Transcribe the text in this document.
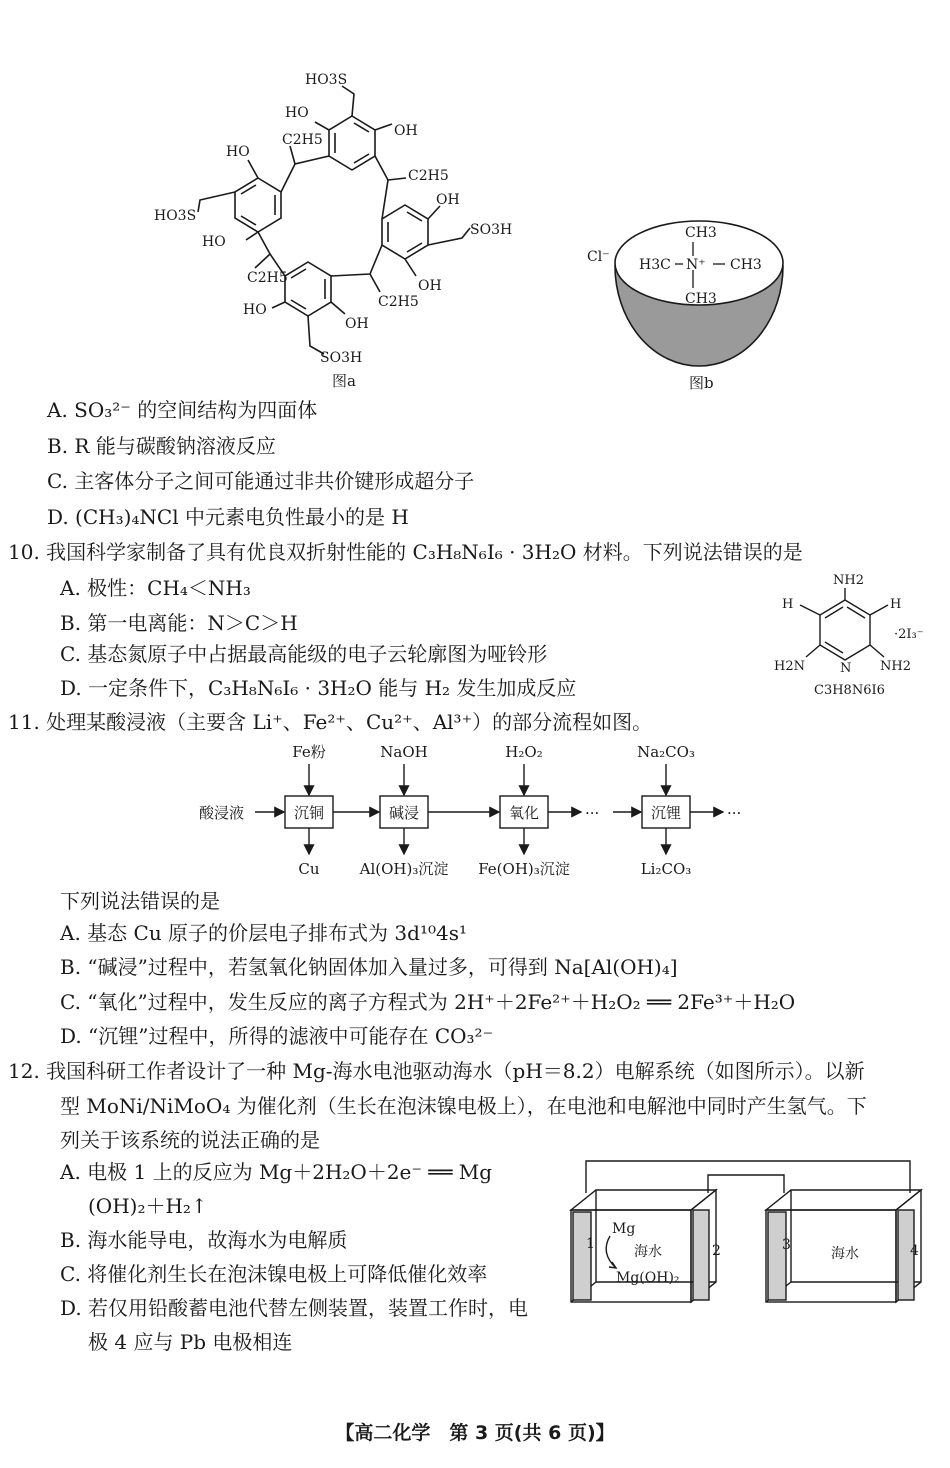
HO3S
HO
OH
C2H5
HO
C2H5
HO3S
OH
SO3H
HO
C2H5	OH
C2H5
HO
OH
SO3H
图a
Cl⁻
CH3
H3C N⁺ CH3
CH3
图b
A. SO₃²⁻ 的空间结构为四面体
B. R 能与碳酸钠溶液反应
C. 主客体分子之间可能通过非共价键形成超分子
D. (CH₃)₄NCl 中元素电负性最小的是 H
10. 我国科学家制备了具有优良双折射性能的 C₃H₈N₆I₆ · 3H₂O 材料。下列说法错误的是
A. 极性：CH₄＜NH₃
B. 第一电离能：N＞C＞H
C. 基态氮原子中占据最高能级的电子云轮廓图为哑铃形
D. 一定条件下，C₃H₈N₆I₆ · 3H₂O 能与 H₂ 发生加成反应
NH2
H	H
·2I₃⁻
H2N	NH2
N
C3H8N6I6
11. 处理某酸浸液（主要含 Li⁺、Fe²⁺、Cu²⁺、Al³⁺）的部分流程如图。
酸浸液	沉铜	碱浸	氧化	沉锂
Fe粉	NaOH	H₂O₂	Na₂CO₃
Cu	Al(OH)₃沉淀 Fe(OH)₃沉淀	Li₂CO₃
···	···
下列说法错误的是
A. 基态 Cu 原子的价层电子排布式为 3d¹⁰4s¹
B. “碱浸”过程中，若氢氧化钠固体加入量过多，可得到 Na[Al(OH)₄]
C. “氧化”过程中，发生反应的离子方程式为 2H⁺＋2Fe²⁺＋H₂O₂ ══ 2Fe³⁺＋H₂O
D. “沉锂”过程中，所得的滤液中可能存在 CO₃²⁻
12. 我国科研工作者设计了一种 Mg-海水电池驱动海水（pH＝8.2）电解系统（如图所示）。以新
型 MoNi/NiMoO₄ 为催化剂（生长在泡沫镍电极上），在电池和电解池中同时产生氢气。下
列关于该系统的说法正确的是
A. 电极 1 上的反应为 Mg＋2H₂O＋2e⁻ ══ Mg
(OH)₂＋H₂↑
B. 海水能导电，故海水为电解质
C. 将催化剂生长在泡沫镍电极上可降低催化效率
D. 若仅用铅酸蓄电池代替左侧装置，装置工作时，电
极 4 应与 Pb 电极相连
1	2	3	4
Mg
海水
Mg(OH)₂
海水
【高二化学　第 3 页(共 6 页)】
